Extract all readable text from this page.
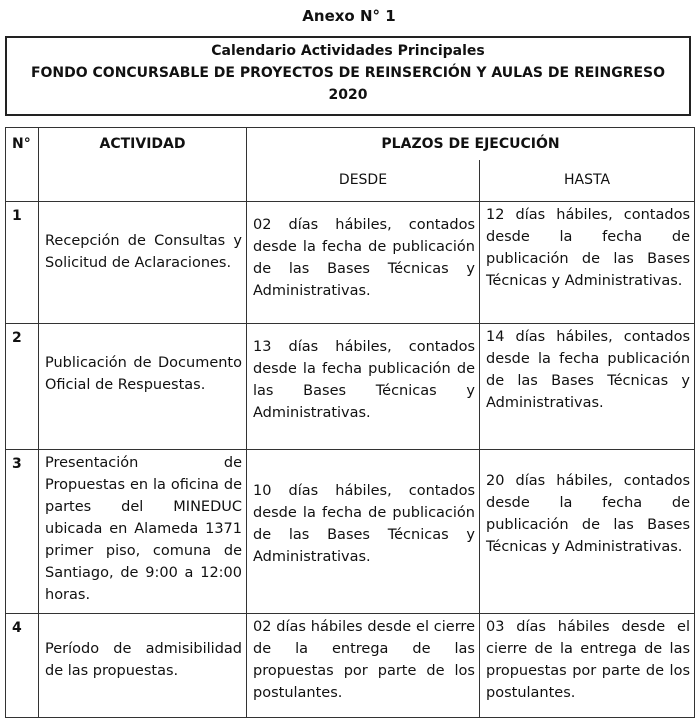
Anexo N° 1
Calendario Actividades Principales
FONDO CONCURSABLE DE PROYECTOS DE REINSERCIÓN Y AULAS DE REINGRESO
2020
N°	ACTIVIDAD	PLAZOS DE EJECUCIÓN	
		DESDE	HASTA
1	Recepción de Consultas y Solicitud de Aclaraciones.	02 días hábiles, contados desde la fecha de publicación de las Bases Técnicas y Administrativas.	12 días hábiles, contados desde la fecha de publicación de las Bases Técnicas y Administrativas.
2	Publicación de Documento Oficial de Respuestas.	13 días hábiles, contados desde la fecha publicación de las Bases Técnicas y Administrativas.	14 días hábiles, contados desde la fecha publicación de las Bases Técnicas y Administrativas.
3	Presentación de Propuestas en la oficina de partes del MINEDUC ubicada en Alameda 1371 primer piso, comuna de Santiago, de 9:00 a 12:00 horas.	10 días hábiles, contados desde la fecha de publicación de las Bases Técnicas y Administrativas.	20 días hábiles, contados desde la fecha de publicación de las Bases Técnicas y Administrativas.
4	Período de admisibilidad de las propuestas.	02 días hábiles desde el cierre de la entrega de las propuestas por parte de los postulantes.	03 días hábiles desde el cierre de la entrega de las propuestas por parte de los postulantes.
